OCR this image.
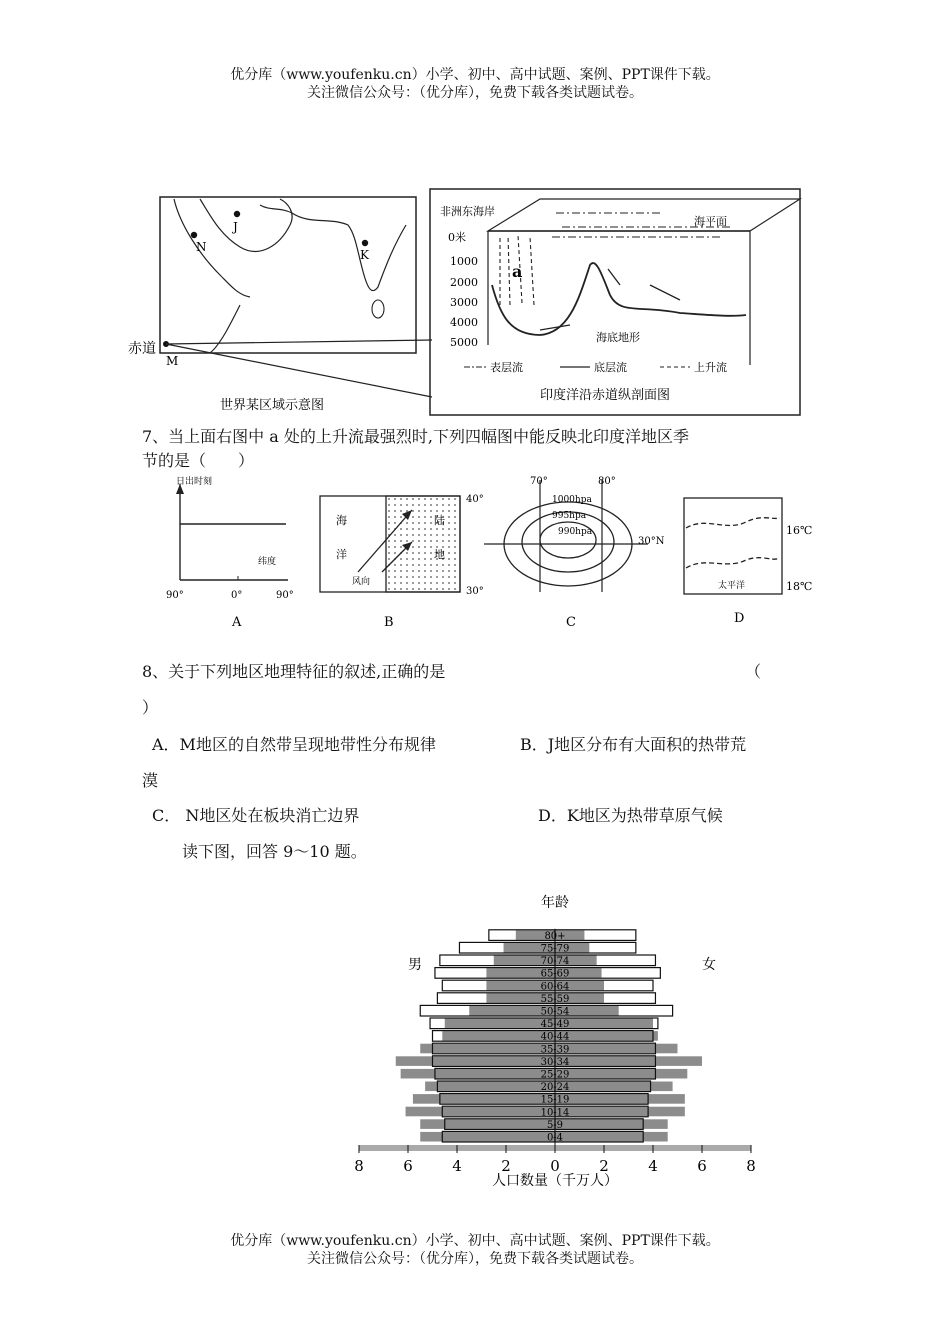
优分库（www.youfenku.cn）小学、初中、高中试题、案例、PPT课件下载。
关注微信公众号：（优分库），免费下载各类试题试卷。
N
J
K
M
赤道
世界某区域示意图
非洲东海岸
海平面
0米
1000
2000
3000
4000
5000	海底地形
a
表层流	底层流	上升流
印度洋沿赤道纵剖面图
7、当上面右图中 a 处的上升流最强烈时,下列四幅图中能反映北印度洋地区季
节的是（　　）
日出时刻
纬度
90°	0°	90°
A
海
洋
陆
地
风向
40°
30°
B
70°	80°
30°N
1000hpa
995hpa
990hpa
C
16℃
18℃
太平洋
D
8、关于下列地区地理特征的叙述,正确的是	（
）
A．M地区的自然带呈现地带性分布规律	B．J地区分布有大面积的热带荒
漠
C． N地区处在板块消亡边界	D．K地区为热带草原气候
读下图，回答 9～10 题。
年龄
男	女
0-4
5-9
10-14
15-19
20-24
25-29
30-34
35-39
40-44
45-49
50-54
55-59
60-64
65-69
70-74
75-79
80+
8	6	4	2	0	2	4	6	8
人口数量（千万人）
优分库（www.youfenku.cn）小学、初中、高中试题、案例、PPT课件下载。
关注微信公众号：（优分库），免费下载各类试题试卷。
